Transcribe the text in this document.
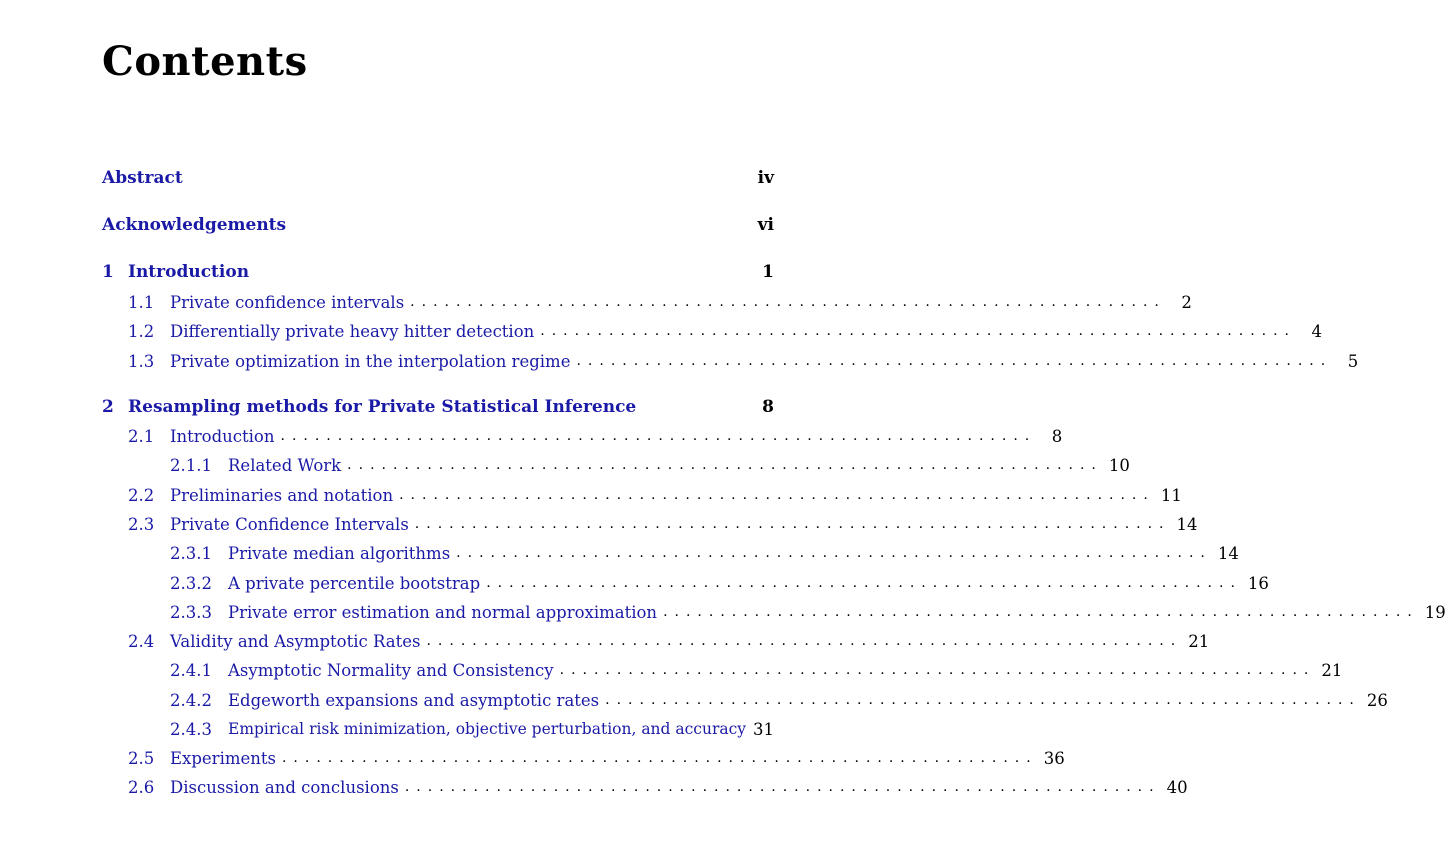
Contents
Abstract	iv
Acknowledgements	vi
1 Introduction	1
1.1 Private confidence intervals .................................................................. 2
1.2 Differentially private heavy hitter detection .................................................................. 4
1.3 Private optimization in the interpolation regime .................................................................. 5
2 Resampling methods for Private Statistical Inference	8
2.1 Introduction .................................................................. 8
2.1.1 Related Work .................................................................. 10
2.2 Preliminaries and notation .................................................................. 11
2.3 Private Confidence Intervals .................................................................. 14
2.3.1 Private median algorithms .................................................................. 14
2.3.2 A private percentile bootstrap .................................................................. 16
2.3.3 Private error estimation and normal approximation .................................................................. 19
2.4 Validity and Asymptotic Rates .................................................................. 21
2.4.1 Asymptotic Normality and Consistency .................................................................. 21
2.4.2 Edgeworth expansions and asymptotic rates .................................................................. 26
2.4.3	Empirical risk minimization, objective perturbation, and accuracy 31
2.5 Experiments .................................................................. 36
2.6 Discussion and conclusions .................................................................. 40
